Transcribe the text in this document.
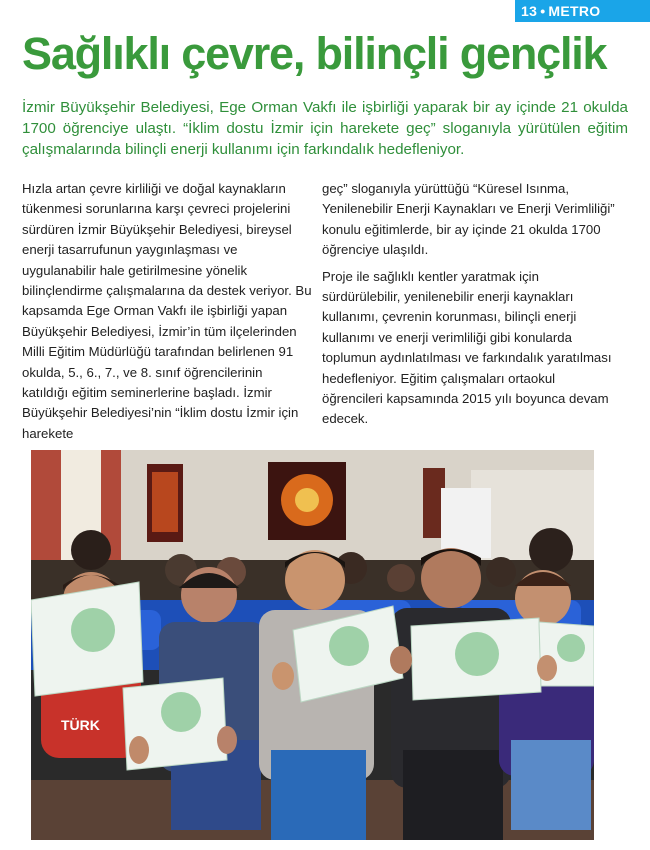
13 • METRO
Sağlıklı çevre, bilinçli gençlik

İzmir Büyükşehir Belediyesi, Ege Orman Vakfı ile işbirliği yaparak bir ay içinde 21 okulda 1700 öğrenciye ulaştı. “İklim dostu İzmir için harekete geç” sloganıyla yürütülen eğitim çalışmalarında bilinçli enerji kullanımı için farkındalık hedefleniyor.

Hızla artan çevre kirliliği ve doğal kaynakların tükenmesi sorunlarına karşı çevreci projelerini sürdüren İzmir Büyükşehir Belediyesi, bireysel enerji tasarrufunun yaygınlaşması ve uygulanabilir hale getirilmesine yönelik bilinçlendirme çalışmalarına da destek veriyor. Bu kapsamda Ege Orman Vakfı ile işbirliği yapan Büyükşehir Belediyesi, İzmir’in tüm ilçelerinden Milli Eğitim Müdürlüğü tarafından belirlenen 91 okulda, 5., 6., 7., ve 8. sınıf öğrencilerinin katıldığı eğitim seminerlerine başladı. İzmir Büyükşehir Belediyesi’nin “İklim dostu İzmir için harekete

geç” sloganıyla yürüttüğü “Küresel Isınma, Yenilenebilir Enerji Kaynakları ve Enerji Verimliliği” konulu eğitimlerde, bir ay içinde 21 okulda 1700 öğrenciye ulaşıldı.

Proje ile sağlıklı kentler yaratmak için sürdürülebilir, yenilenebilir enerji kaynakları kullanımı, çevrenin korunması, bilinçli enerji kullanımı ve enerji verimliliği gibi konularda toplumun aydınlatılması ve farkındalık yaratılması hedefleniyor. Eğitim çalışmaları ortaokul öğrencileri kapsamında 2015 yılı boyunca devam edecek.

TÜRK
